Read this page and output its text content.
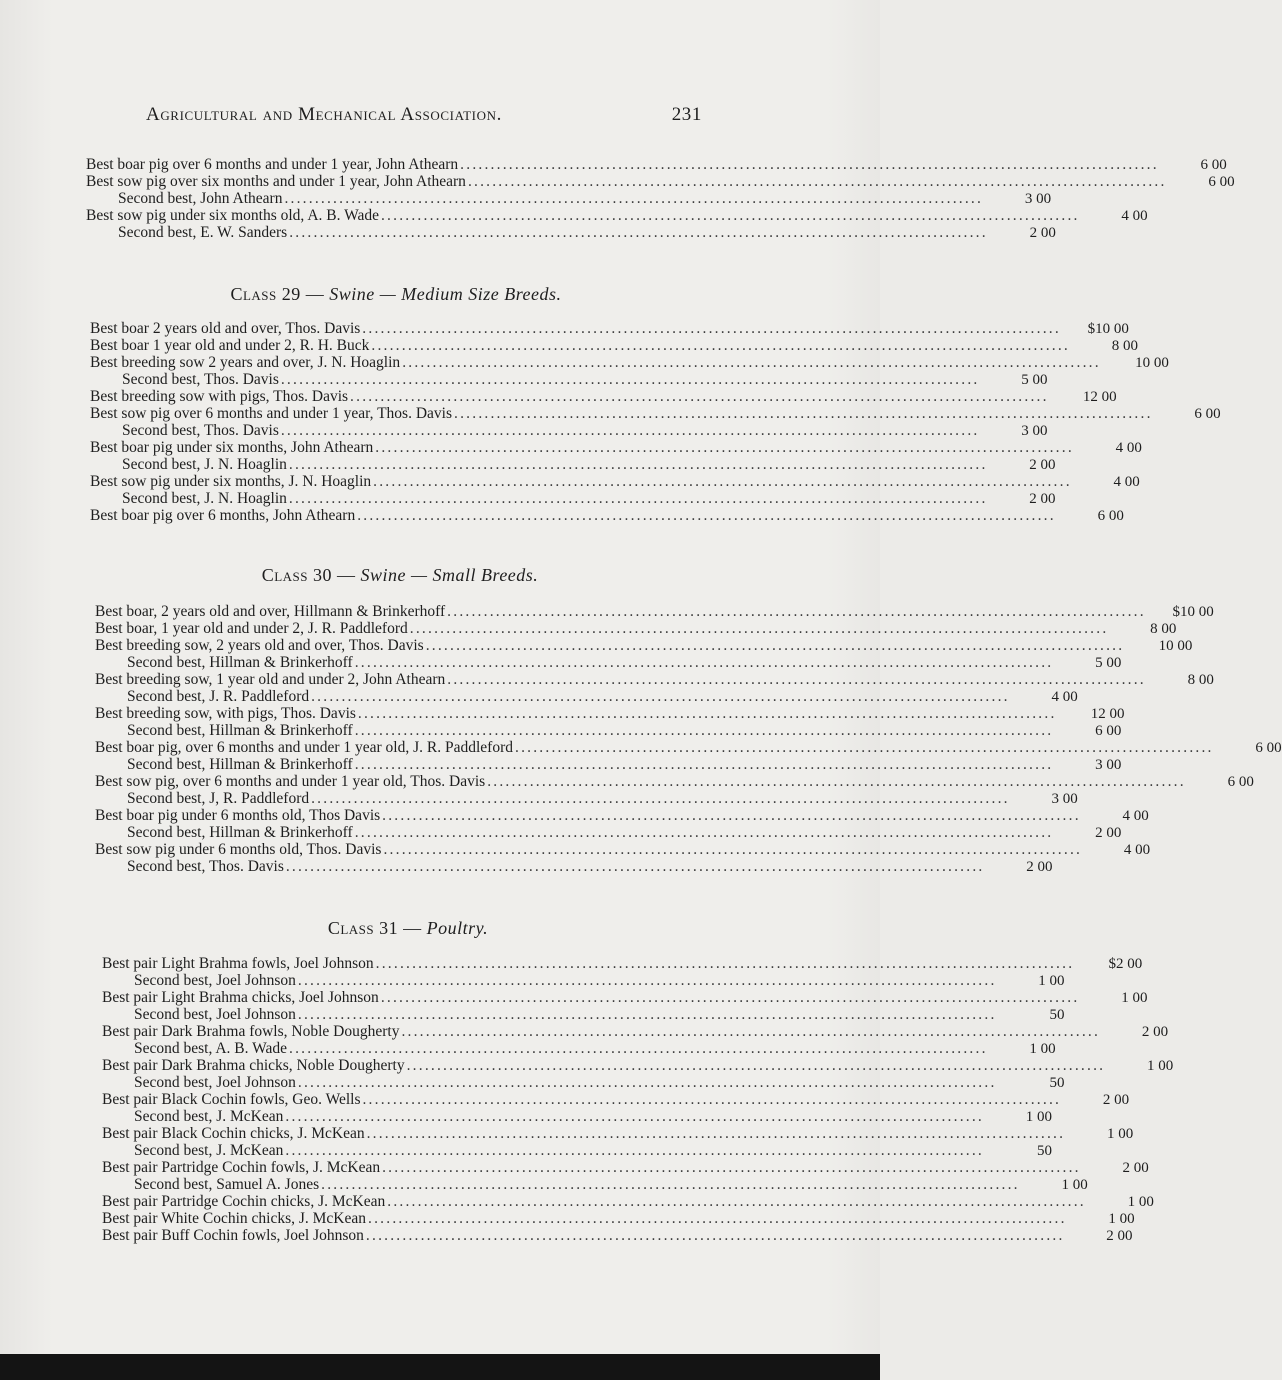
Agricultural and Mechanical Association.	231
Best boar pig over 6 months and under 1 year, John Athearn ...................................................................................................................	6 00
Best sow pig over six months and under 1 year, John Athearn ...................................................................................................................	6 00
Second best, John Athearn ...................................................................................................................	3 00
Best sow pig under six months old, A. B. Wade ...................................................................................................................	4 00
Second best, E. W. Sanders ...................................................................................................................	2 00
Class 29 — Swine — Medium Size Breeds.
Best boar 2 years old and over, Thos. Davis ...................................................................................................................	$10 00
Best boar 1 year old and under 2, R. H. Buck ...................................................................................................................	8 00
Best breeding sow 2 years and over, J. N. Hoaglin ...................................................................................................................	10 00
Second best, Thos. Davis ...................................................................................................................	5 00
Best breeding sow with pigs, Thos. Davis ...................................................................................................................	12 00
Best sow pig over 6 months and under 1 year, Thos. Davis ...................................................................................................................	6 00
Second best, Thos. Davis ...................................................................................................................	3 00
Best boar pig under six months, John Athearn ...................................................................................................................	4 00
Second best, J. N. Hoaglin ...................................................................................................................	2 00
Best sow pig under six months, J. N. Hoaglin ...................................................................................................................	4 00
Second best, J. N. Hoaglin ...................................................................................................................	2 00
Best boar pig over 6 months, John Athearn ...................................................................................................................	6 00
Class 30 — Swine — Small Breeds.
Best boar, 2 years old and over, Hillmann & Brinkerhoff ...................................................................................................................	$10 00
Best boar, 1 year old and under 2, J. R. Paddleford ...................................................................................................................	8 00
Best breeding sow, 2 years old and over, Thos. Davis ...................................................................................................................	10 00
Second best, Hillman & Brinkerhoff ...................................................................................................................	5 00
Best breeding sow, 1 year old and under 2, John Athearn ...................................................................................................................	8 00
Second best, J. R. Paddleford ...................................................................................................................	4 00
Best breeding sow, with pigs, Thos. Davis ...................................................................................................................	12 00
Second best, Hillman & Brinkerhoff ...................................................................................................................	6 00
Best boar pig, over 6 months and under 1 year old, J. R. Paddleford ...................................................................................................................	6 00
Second best, Hillman & Brinkerhoff ...................................................................................................................	3 00
Best sow pig, over 6 months and under 1 year old, Thos. Davis ...................................................................................................................	6 00
Second best, J, R. Paddleford ...................................................................................................................	3 00
Best boar pig under 6 months old, Thos Davis ...................................................................................................................	4 00
Second best, Hillman & Brinkerhoff ...................................................................................................................	2 00
Best sow pig under 6 months old, Thos. Davis ...................................................................................................................	4 00
Second best, Thos. Davis ...................................................................................................................	2 00
Class 31 — Poultry.
Best pair Light Brahma fowls, Joel Johnson ...................................................................................................................	$2 00
Second best, Joel Johnson ...................................................................................................................	1 00
Best pair Light Brahma chicks, Joel Johnson ...................................................................................................................	1 00
Second best, Joel Johnson ...................................................................................................................	50
Best pair Dark Brahma fowls, Noble Dougherty ...................................................................................................................	2 00
Second best, A. B. Wade ...................................................................................................................	1 00
Best pair Dark Brahma chicks, Noble Dougherty ...................................................................................................................	1 00
Second best, Joel Johnson ...................................................................................................................	50
Best pair Black Cochin fowls, Geo. Wells ...................................................................................................................	2 00
Second best, J. McKean ...................................................................................................................	1 00
Best pair Black Cochin chicks, J. McKean ...................................................................................................................	1 00
Second best, J. McKean ...................................................................................................................	50
Best pair Partridge Cochin fowls, J. McKean ...................................................................................................................	2 00
Second best, Samuel A. Jones ...................................................................................................................	1 00
Best pair Partridge Cochin chicks, J. McKean ...................................................................................................................	1 00
Best pair White Cochin chicks, J. McKean ...................................................................................................................	1 00
Best pair Buff Cochin fowls, Joel Johnson ...................................................................................................................	2 00
